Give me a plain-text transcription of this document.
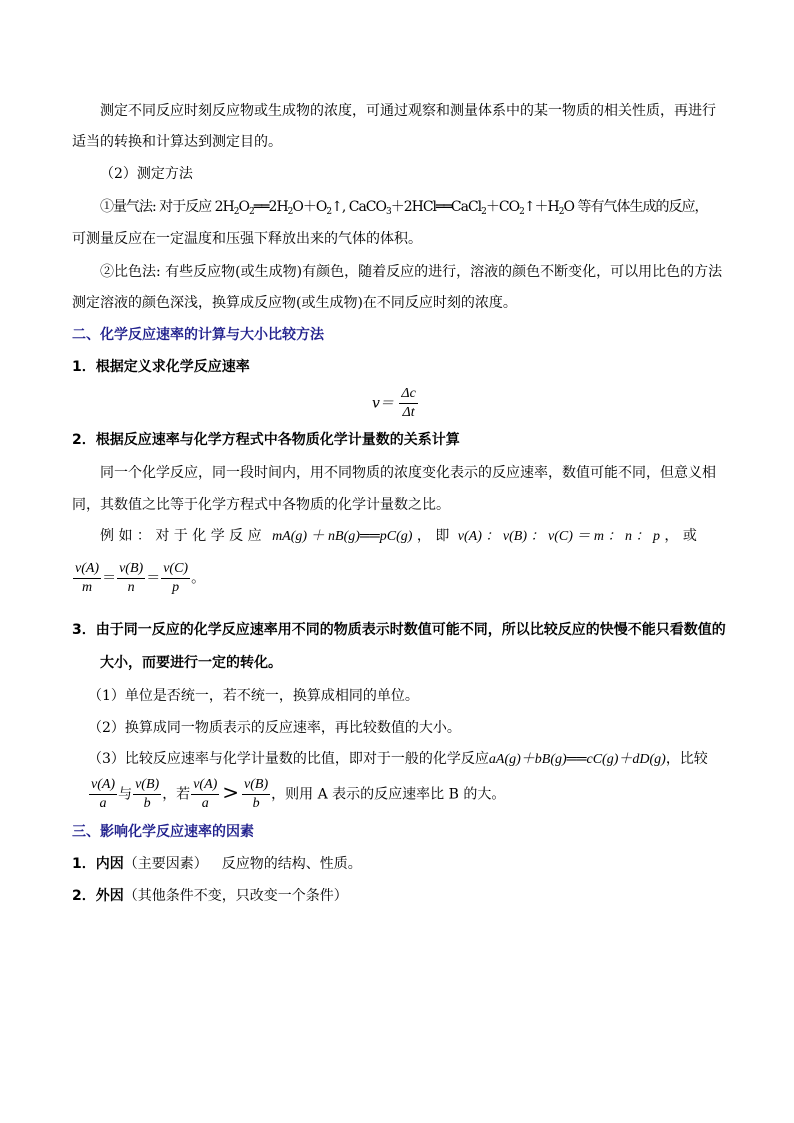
测定不同反应时刻反应物或生成物的浓度，可通过观察和测量体系中的某一物质的相关性质，再进行
适当的转换和计算达到测定目的。
（2）测定方法
①量气法: 对于反应 $2H_2O_2══2H_2O+O_2↑$, $CaCO_3+2HCl══CaCl_2+CO_2↑+H_2O$ 等有气体生成的反应，
可测量反应在一定温度和压强下释放出来的气体的体积。
②比色法: 有些反应物(或生成物)有颜色，随着反应的进行，溶液的颜色不断变化，可以用比色的方法
测定溶液的颜色深浅，换算成反应物(或生成物)在不同反应时刻的浓度。
二、化学反应速率的计算与大小比较方法
1．根据定义求化学反应速率
$v= \frac{\Delta c}{\Delta t}$
2．根据反应速率与化学方程式中各物质化学计量数的关系计算
同一个化学反应，同一段时间内，用不同物质的浓度变化表示的反应速率，数值可能不同，但意义相
同，其数值之比等于化学方程式中各物质的化学计量数之比。
例 如 ： 对 于 化 学 反 应 mA(g) ＋ nB(g)══pC(g) ， 即 v(A) ： v(B) ： v(C) ＝ m ： n ： p ， 或
$\frac{v(A)}{m} = \frac{v(B)}{n} = \frac{v(C)}{p}$ 。
3．由于同一反应的化学反应速率用不同的物质表示时数值可能不同，所以比较反应的快慢不能只看数值的
大小，而要进行一定的转化。
（1）单位是否统一，若不统一，换算成相同的单位。
（2）换算成同一物质表示的反应速率，再比较数值的大小。
（3）比较反应速率与化学计量数的比值，即对于一般的化学反应aA(g)＋bB(g)══cC(g)＋dD(g)，比较
$\frac{v(A)}{a}$ 与 $\frac{v(B)}{b}$ ，若 $\frac{v(A)}{a} > \frac{v(B)}{b}$ ，则用 A 表示的反应速率比 B 的大。
三、影响化学反应速率的因素
1．内因（主要因素） 反应物的结构、性质。
2．外因（其他条件不变，只改变一个条件）
